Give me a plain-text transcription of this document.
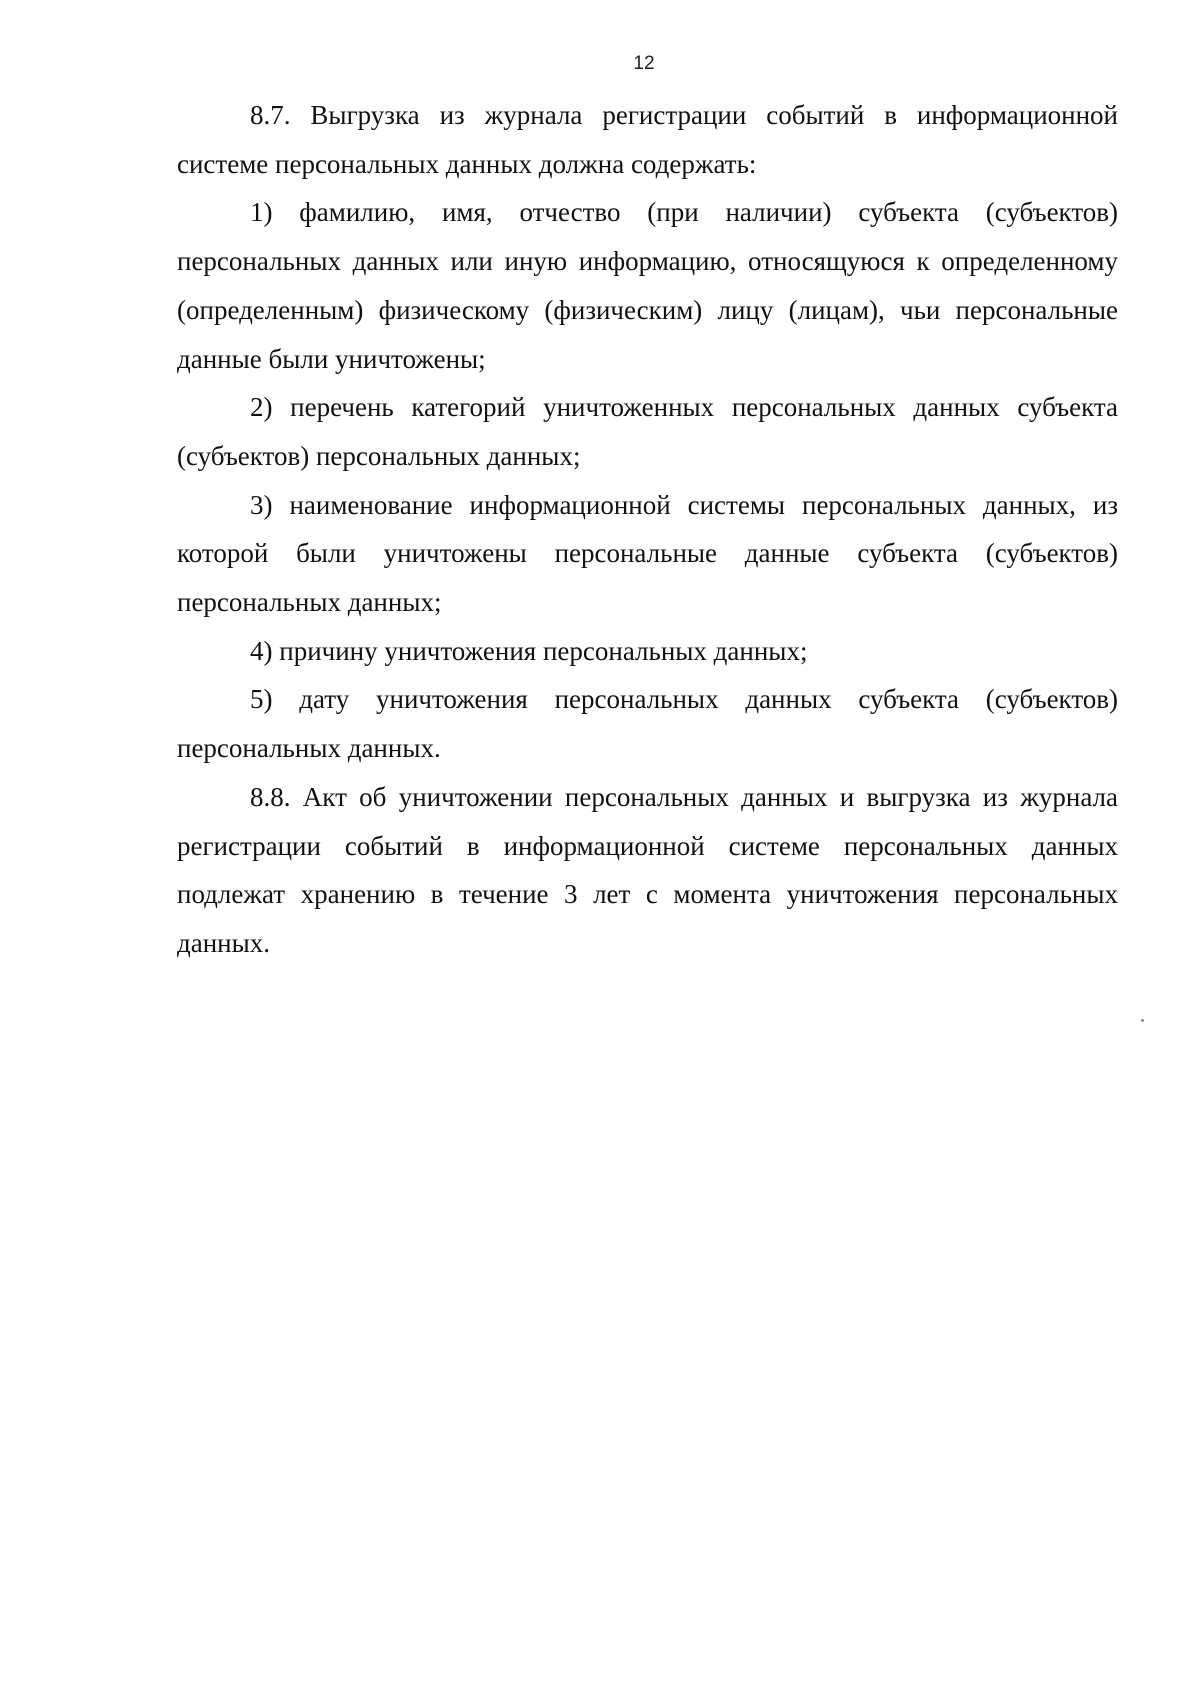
12

8.7. Выгрузка из журнала регистрации событий в информационной системе персональных данных должна содержать:

1) фамилию, имя, отчество (при наличии) субъекта (субъектов) персональных данных или иную информацию, относящуюся к определенному (определенным) физическому (физическим) лицу (лицам), чьи персональные данные были уничтожены;

2) перечень категорий уничтоженных персональных данных субъекта (субъектов) персональных данных;

3) наименование информационной системы персональных данных, из которой были уничтожены персональные данные субъекта (субъектов) персональных данных;

4) причину уничтожения персональных данных;

5) дату уничтожения персональных данных субъекта (субъектов) персональных данных.

8.8. Акт об уничтожении персональных данных и выгрузка из журнала регистрации событий в информационной системе персональных данных подлежат хранению в течение 3 лет с момента уничтожения персональных данных.
